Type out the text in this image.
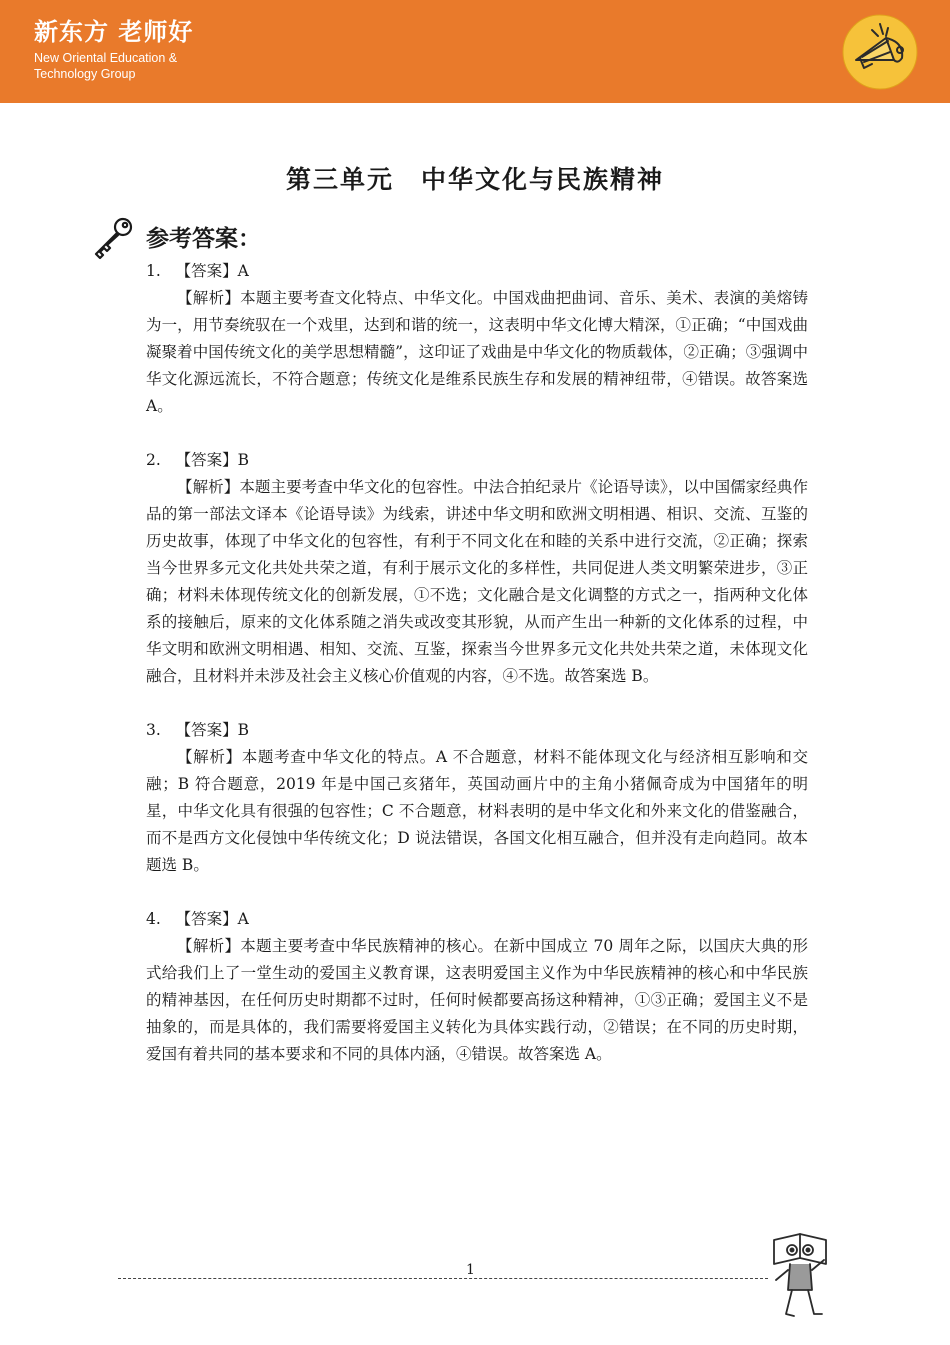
新东方 老师好
New Oriental Education &
Technology Group
第三单元　中华文化与民族精神
参考答案：
1. 【答案】A
【解析】本题主要考查文化特点、中华文化。中国戏曲把曲词、音乐、美术、表演的美熔铸为一，用节奏统驭在一个戏里，达到和谐的统一，这表明中华文化博大精深，①正确；“中国戏曲凝聚着中国传统文化的美学思想精髓”，这印证了戏曲是中华文化的物质载体，②正确；③强调中华文化源远流长，不符合题意；传统文化是维系民族生存和发展的精神纽带，④错误。故答案选 A。
2. 【答案】B
【解析】本题主要考查中华文化的包容性。中法合拍纪录片《论语导读》，以中国儒家经典作品的第一部法文译本《论语导读》为线索，讲述中华文明和欧洲文明相遇、相识、交流、互鉴的历史故事，体现了中华文化的包容性，有利于不同文化在和睦的关系中进行交流，②正确；探索当今世界多元文化共处共荣之道，有利于展示文化的多样性，共同促进人类文明繁荣进步，③正确；材料未体现传统文化的创新发展，①不选；文化融合是文化调整的方式之一，指两种文化体系的接触后，原来的文化体系随之消失或改变其形貌，从而产生出一种新的文化体系的过程，中华文明和欧洲文明相遇、相知、交流、互鉴，探索当今世界多元文化共处共荣之道，未体现文化融合，且材料并未涉及社会主义核心价值观的内容，④不选。故答案选 B。
3. 【答案】B
【解析】本题考查中华文化的特点。A 不合题意，材料不能体现文化与经济相互影响和交融；B 符合题意，2019 年是中国己亥猪年，英国动画片中的主角小猪佩奇成为中国猪年的明星，中华文化具有很强的包容性；C 不合题意，材料表明的是中华文化和外来文化的借鉴融合，而不是西方文化侵蚀中华传统文化；D 说法错误，各国文化相互融合，但并没有走向趋同。故本题选 B。
4. 【答案】A
【解析】本题主要考查中华民族精神的核心。在新中国成立 70 周年之际，以国庆大典的形式给我们上了一堂生动的爱国主义教育课，这表明爱国主义作为中华民族精神的核心和中华民族的精神基因，在任何历史时期都不过时，任何时候都要高扬这种精神，①③正确；爱国主义不是抽象的，而是具体的，我们需要将爱国主义转化为具体实践行动，②错误；在不同的历史时期，爱国有着共同的基本要求和不同的具体内涵，④错误。故答案选 A。
1
